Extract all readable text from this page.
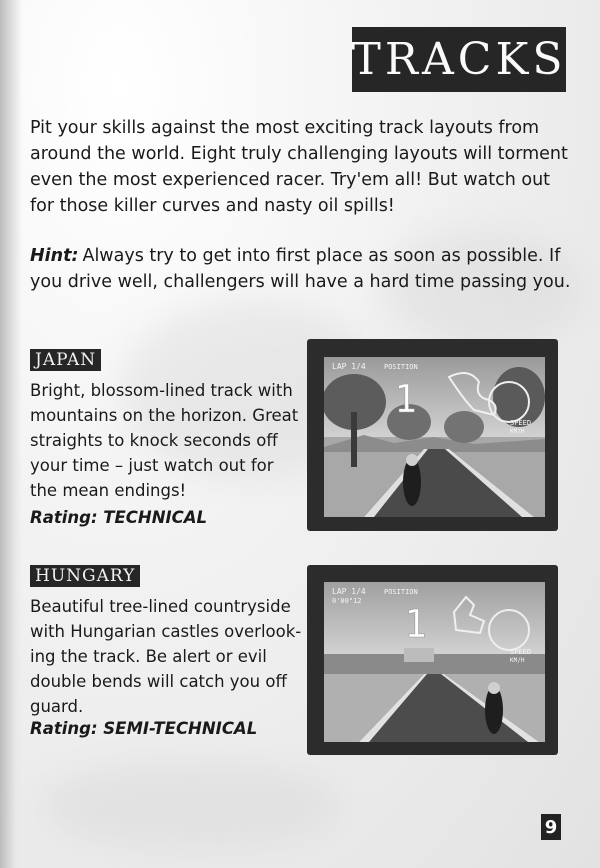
TRACKS

Pit your skills against the most exciting track layouts from around the world. Eight truly challenging layouts will torment even the most experienced racer. Try'em all! But watch out for those killer curves and nasty oil spills!

Hint: Always try to get into first place as soon as possible. If you drive well, challengers will have a hard time passing you.

JAPAN

Bright, blossom-lined track with mountains on the horizon. Great straights to knock seconds off your time – just watch out for the mean endings!

Rating: TECHNICAL
LAP 1/4	POSITION
1
SPEED
KM/H
HUNGARY

Beautiful tree-lined countryside with Hungarian castles overlook-ing the track. Be alert or evil double bends will catch you off guard.

Rating: SEMI-TECHNICAL
LAP 1/4
0'00"12
POSITION
1
SPEED
KM/H
9
